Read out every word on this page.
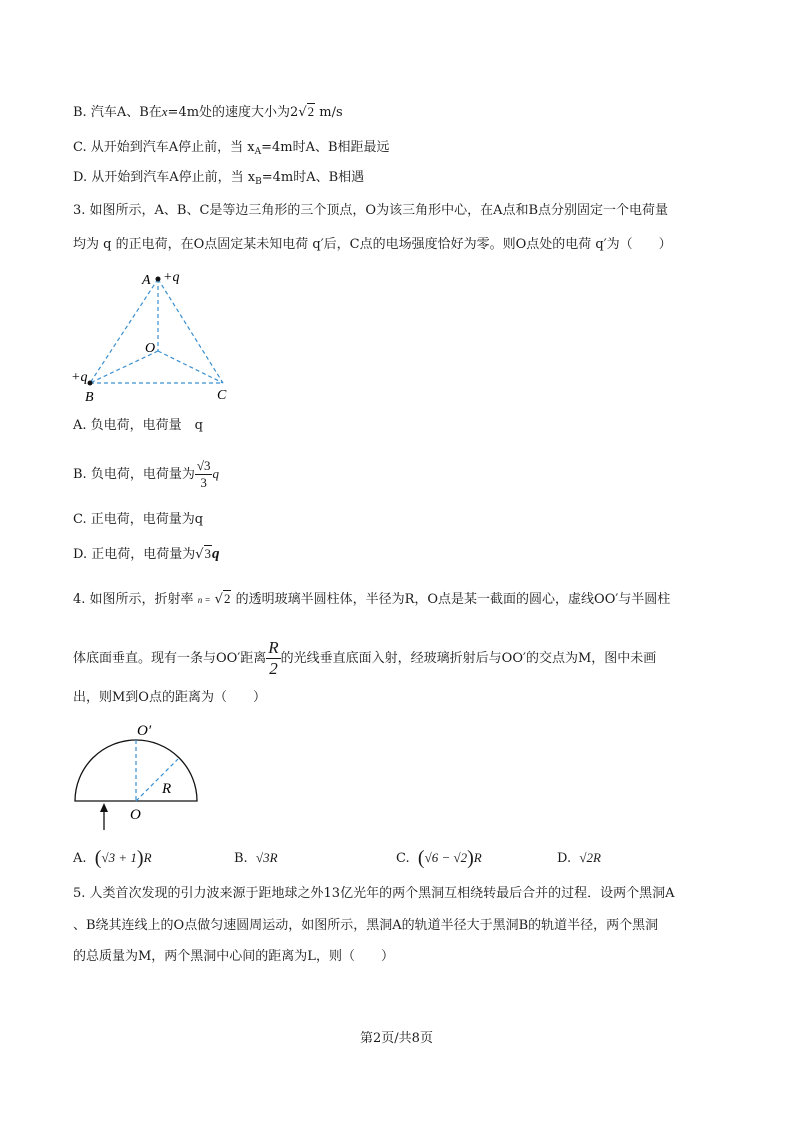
B. 汽车A、B在x=4m处的速度大小为2√2 m/s
C. 从开始到汽车A停止前，当 $x_A=4m$时A、B相距最远
D. 从开始到汽车A停止前，当 $x_B=4m$时A、B相遇
3. 如图所示，A、B、C是等边三角形的三个顶点，O为该三角形中心，在A点和B点分别固定一个电荷量
均为 q 的正电荷，在O点固定某未知电荷 q′后，C点的电场强度恰好为零。则O点处的电荷 q′为（　　）
A +q
O
+q
B	C
A. 负电荷，电荷量　q
B. 负电荷，电荷量为 $\frac{√3}{3}$ q
C. 正电荷，电荷量为q
D. 正电荷，电荷量为√3q
4. 如图所示，折射率 n = √2 的透明玻璃半圆柱体，半径为R，O点是某一截面的圆心，虚线OO′与半圆柱
体底面垂直。现有一条与OO′距离 $\frac{R}{2}$ 的光线垂直底面入射，经玻璃折射后与OO′的交点为M，图中未画
出，则M到O点的距离为（　　）
O′
R
O
A. (√3 + 1)R	B. √3R	C. (√6 − √2)R	D. √2R
5. 人类首次发现的引力波来源于距地球之外13亿光年的两个黑洞互相绕转最后合并的过程．设两个黑洞A
、B绕其连线上的O点做匀速圆周运动，如图所示，黑洞A的轨道半径大于黑洞B的轨道半径，两个黑洞
的总质量为M，两个黑洞中心间的距离为L，则（　　）
第2页/共8页
